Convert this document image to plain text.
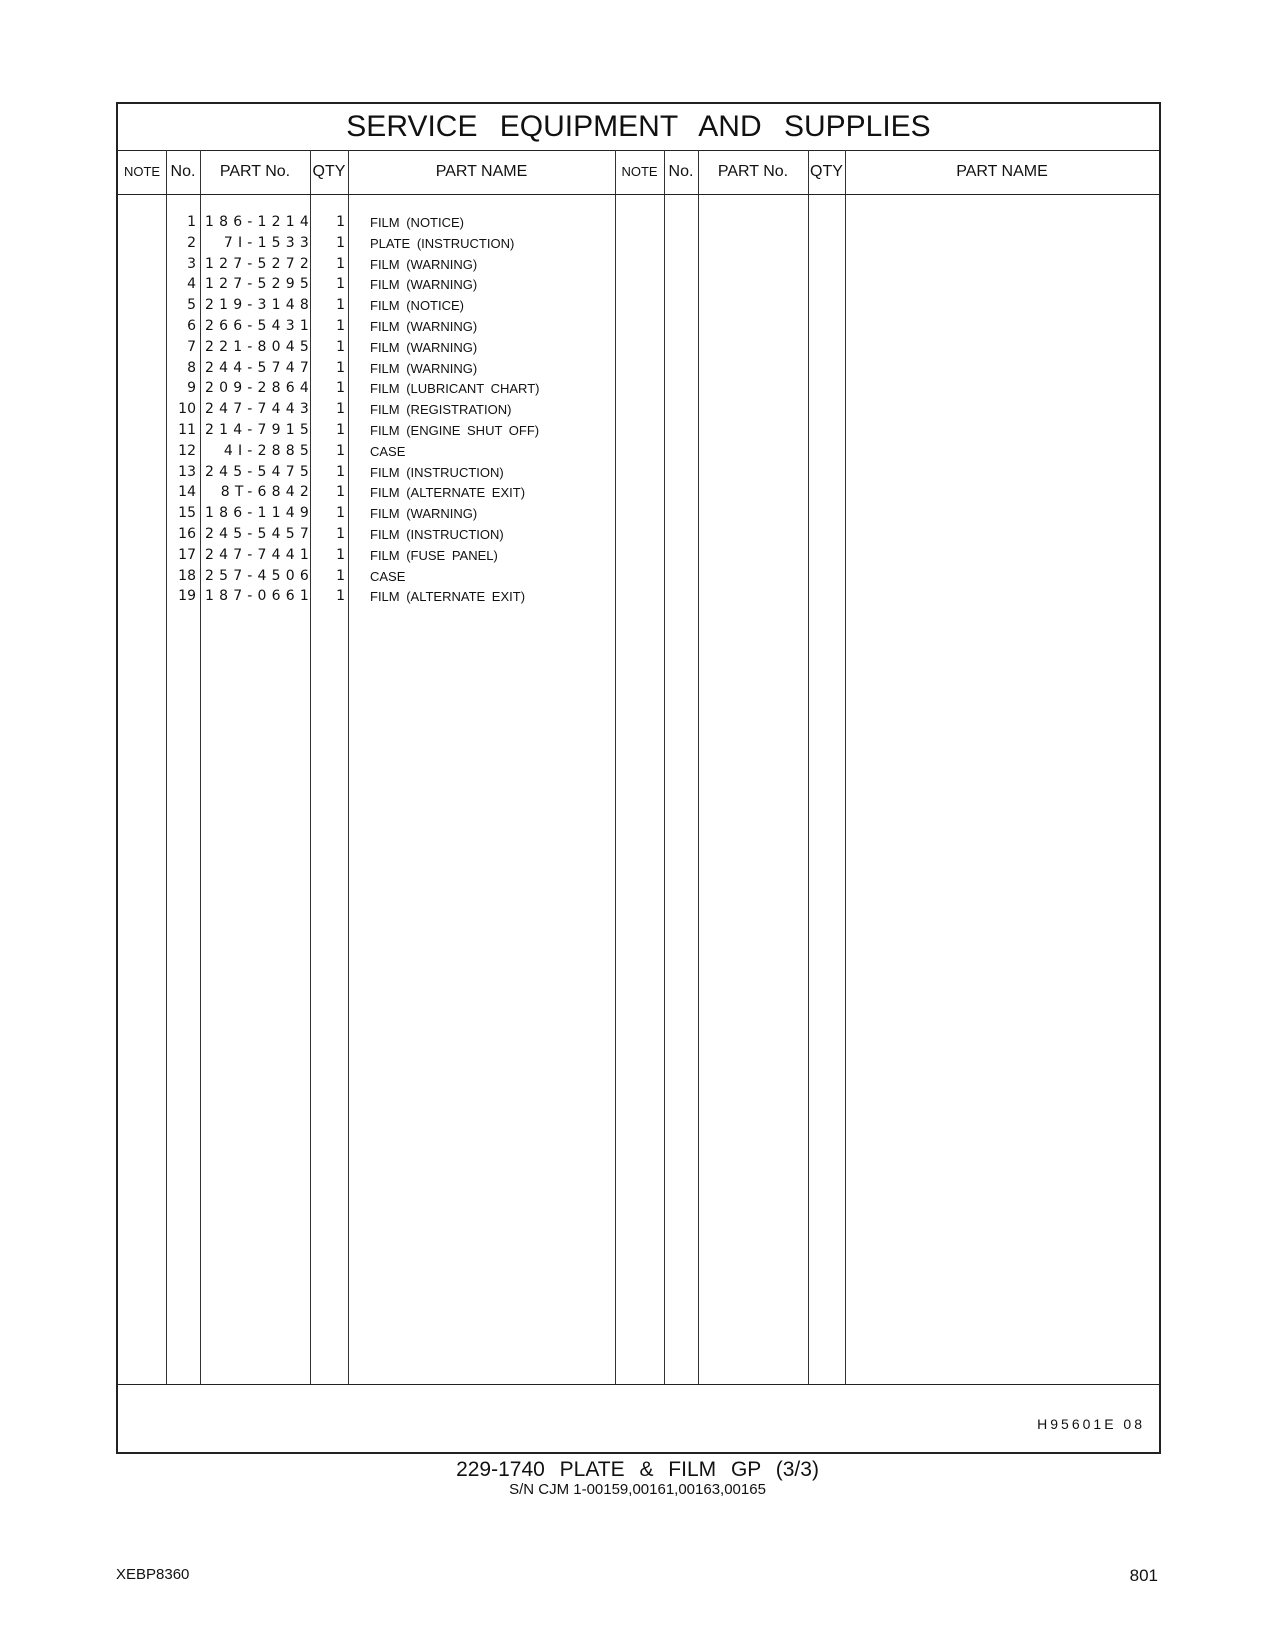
SERVICE EQUIPMENT AND SUPPLIES
NOTE No.	PART No.	QTY	PART NAME	NOTE No.	PART No.	QTY	PART NAME
1 186-1214	1 FILM (NOTICE)
2	7I-1533	1 PLATE (INSTRUCTION)
3 127-5272	1 FILM (WARNING)
4 127-5295	1 FILM (WARNING)
5 219-3148	1 FILM (NOTICE)
6 266-5431	1 FILM (WARNING)
7 221-8045	1 FILM (WARNING)
8 244-5747	1 FILM (WARNING)
9 209-2864	1 FILM (LUBRICANT CHART)
10 247-7443	1 FILM (REGISTRATION)
11 214-7915	1 FILM (ENGINE SHUT OFF)
12	4I-2885	1 CASE
13 245-5475	1 FILM (INSTRUCTION)
14	8T-6842	1 FILM (ALTERNATE EXIT)
15 186-1149	1 FILM (WARNING)
16 245-5457	1 FILM (INSTRUCTION)
17 247-7441	1 FILM (FUSE PANEL)
18 257-4506	1 CASE
19 187-0661	1 FILM (ALTERNATE EXIT)
H95601E 08
229-1740 PLATE & FILM GP (3/3)
S/N CJM 1-00159,00161,00163,00165
XEBP8360	801
